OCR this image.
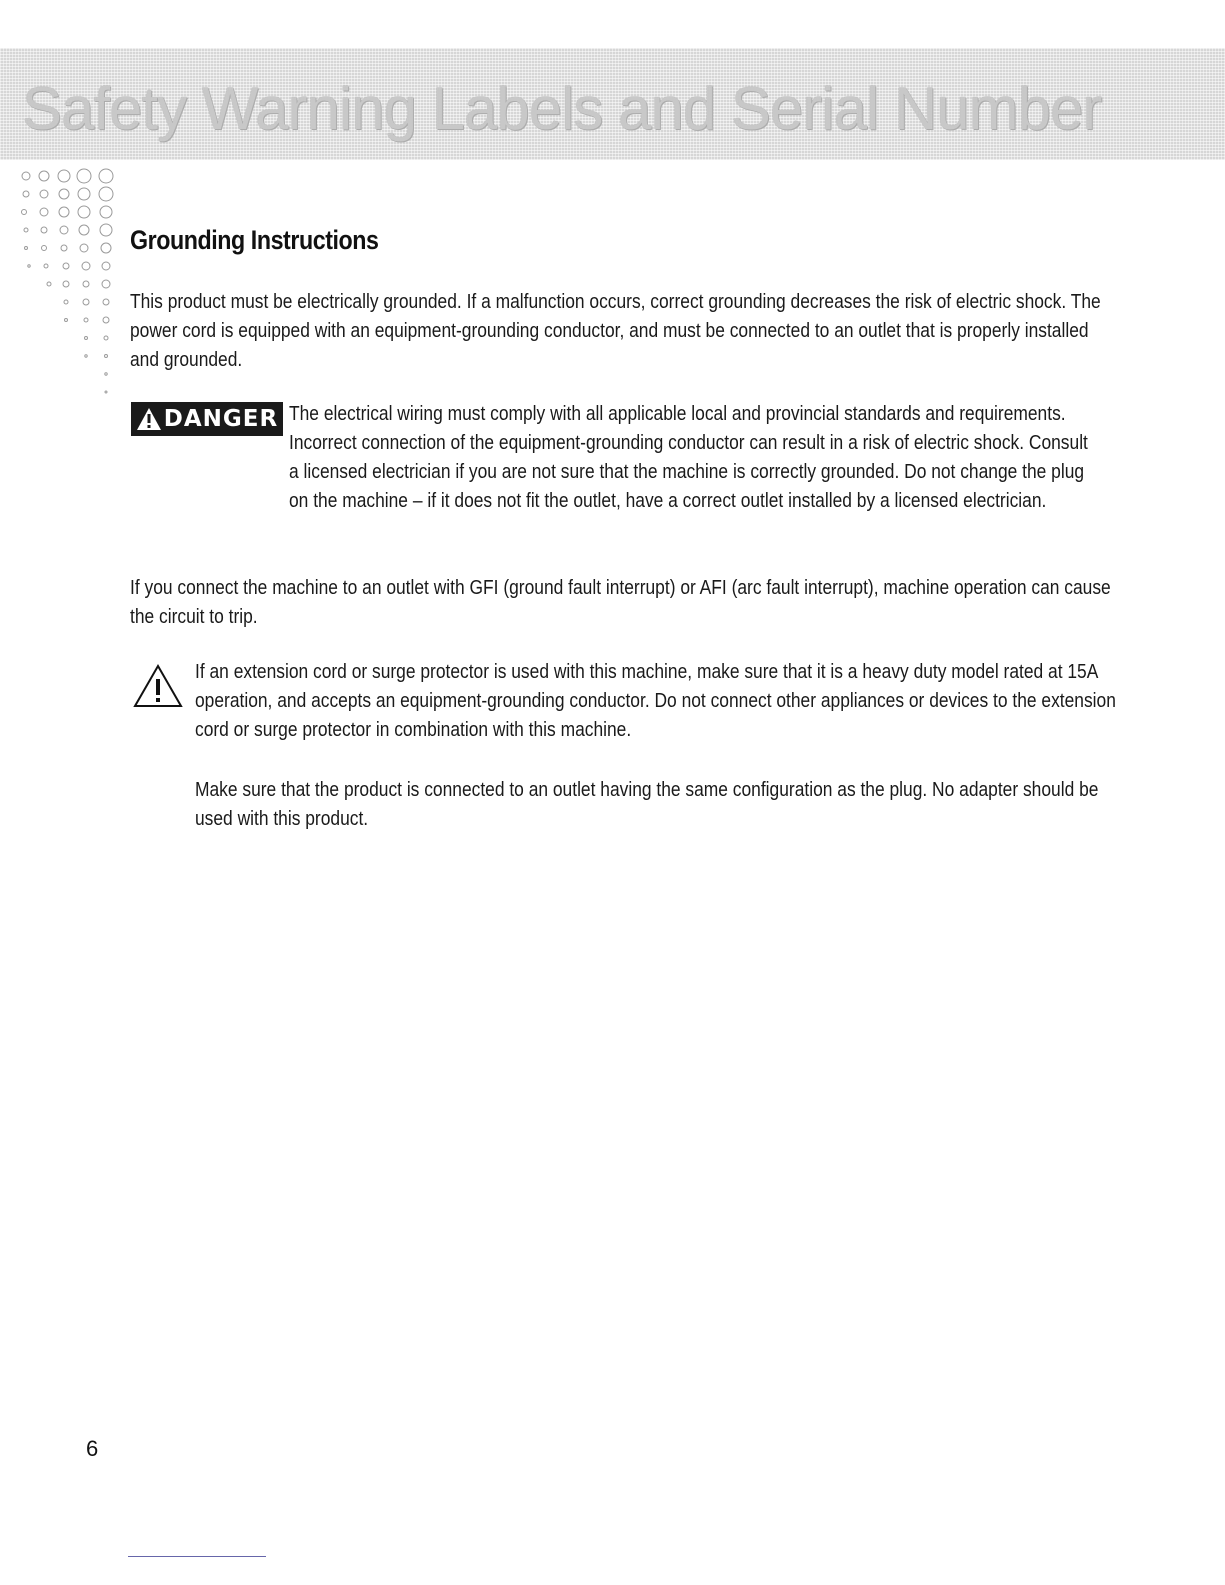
Safety Warning Labels and Serial Number
Grounding Instructions

This product must be electrically grounded. If a malfunction occurs, correct grounding decreases the risk of electric shock. The power cord is equipped with an equipment-grounding conductor, and must be connected to an outlet that is properly installed and grounded.

DANGER The electrical wiring must comply with all applicable local and provincial standards and requirements. Incorrect connection of the equipment-grounding conductor can result in a risk of electric shock. Consult a licensed electrician if you are not sure that the machine is correctly grounded. Do not change the plug on the machine – if it does not fit the outlet, have a correct outlet installed by a licensed electrician.

If you connect the machine to an outlet with GFI (ground fault interrupt) or AFI (arc fault interrupt), machine operation can cause the circuit to trip.

If an extension cord or surge protector is used with this machine, make sure that it is a heavy duty model rated at 15A operation, and accepts an equipment-grounding conductor. Do not connect other appliances or devices to the extension cord or surge protector in combination with this machine.

Make sure that the product is connected to an outlet having the same configuration as the plug. No adapter should be used with this product.

6
